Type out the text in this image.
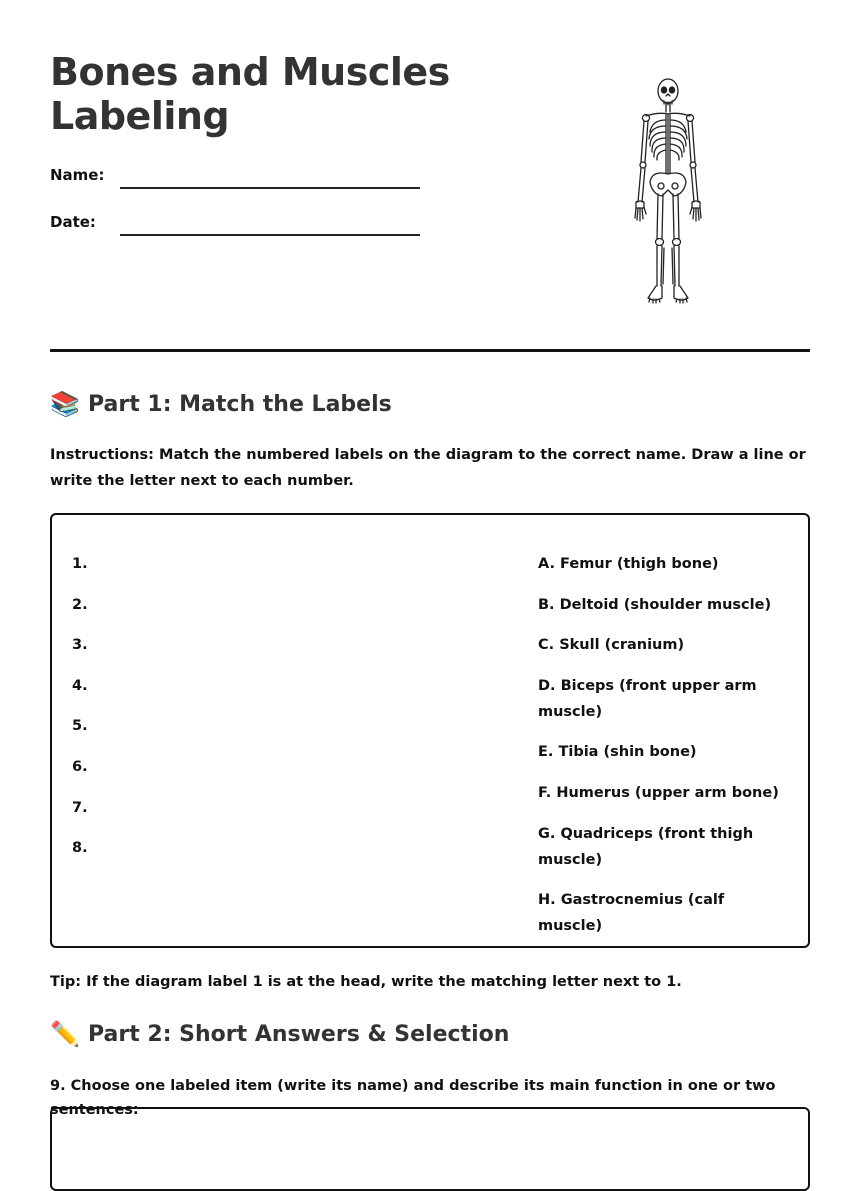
Bones and Muscles Labeling
Name:
Date:
📚 Part 1: Match the Labels
Instructions: Match the numbered labels on the diagram to the correct name. Draw a line or write the letter next to each number.
1.
2.
3.
4.
5.
6.
7.
8.
A. Femur (thigh bone)
B. Deltoid (shoulder muscle)
C. Skull (cranium)
D. Biceps (front upper arm muscle)
E. Tibia (shin bone)
F. Humerus (upper arm bone)
G. Quadriceps (front thigh muscle)
H. Gastrocnemius (calf muscle)
Tip: If the diagram label 1 is at the head, write the matching letter next to 1.
✏️ Part 2: Short Answers & Selection
9. Choose one labeled item (write its name) and describe its main function in one or two sentences:
